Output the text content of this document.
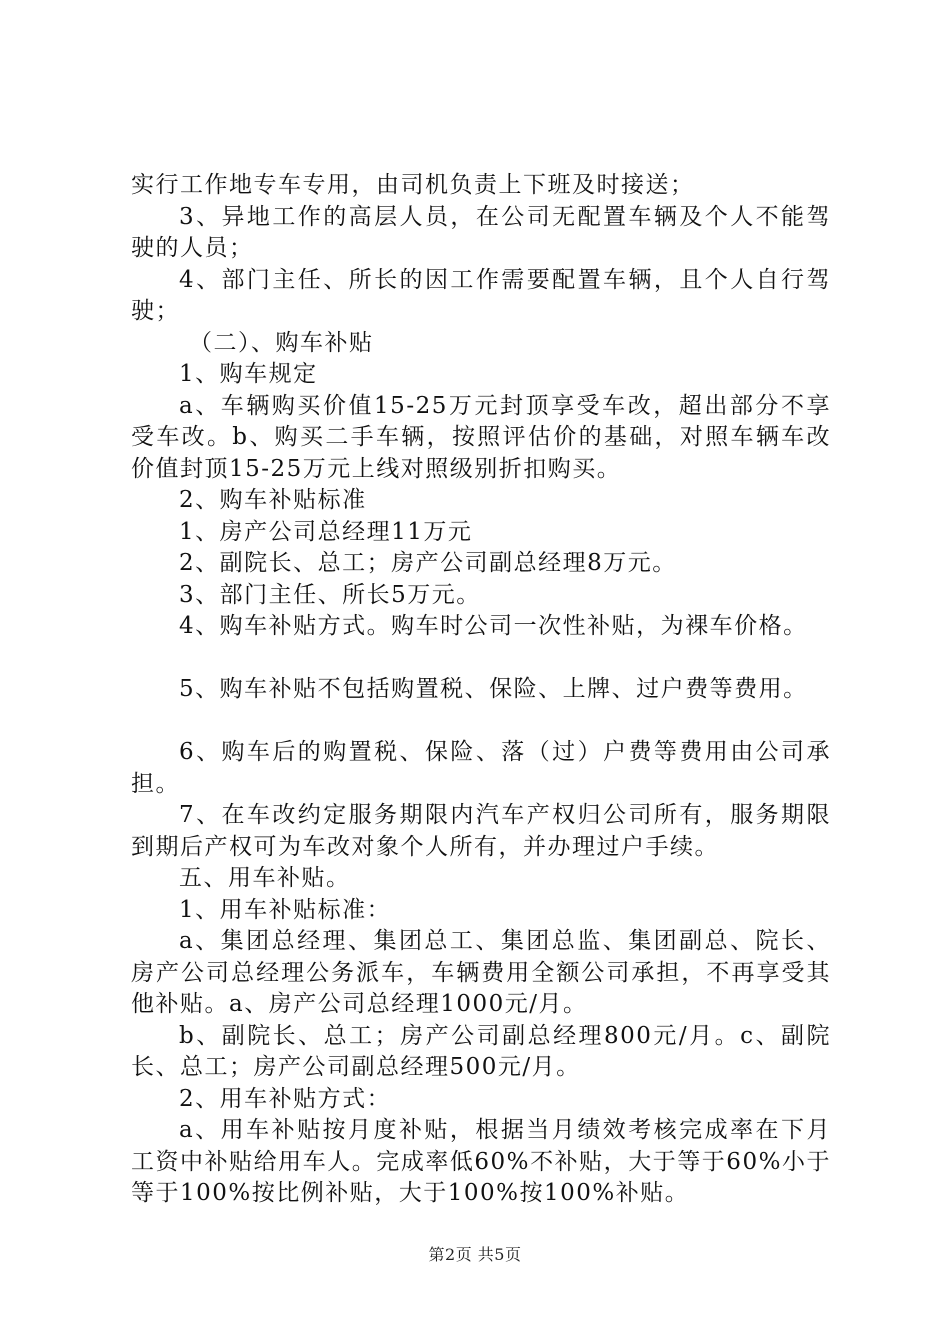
实行工作地专车专用，由司机负责上下班及时接送；

3、异地工作的高层人员，在公司无配置车辆及个人不能驾驶的人员；

4、部门主任、所长的因工作需要配置车辆，且个人自行驾驶；

（二）、购车补贴

1、购车规定

a、车辆购买价值15-25万元封顶享受车改，超出部分不享受车改。b、购买二手车辆，按照评估价的基础，对照车辆车改价值封顶15-25万元上线对照级别折扣购买。

2、购车补贴标准

1、房产公司总经理11万元

2、副院长、总工；房产公司副总经理8万元。

3、部门主任、所长5万元。

4、购车补贴方式。购车时公司一次性补贴，为裸车价格。

5、购车补贴不包括购置税、保险、上牌、过户费等费用。

6、购车后的购置税、保险、落（过）户费等费用由公司承担。

7、在车改约定服务期限内汽车产权归公司所有，服务期限到期后产权可为车改对象个人所有，并办理过户手续。

五、用车补贴。

1、用车补贴标准：

a、集团总经理、集团总工、集团总监、集团副总、院长、房产公司总经理公务派车，车辆费用全额公司承担，不再享受其他补贴。a、房产公司总经理1000元/月。

b、副院长、总工；房产公司副总经理800元/月。c、副院长、总工；房产公司副总经理500元/月。

2、用车补贴方式：

a、用车补贴按月度补贴，根据当月绩效考核完成率在下月工资中补贴给用车人。完成率低60%不补贴，大于等于60%小于等于100%按比例补贴，大于100%按100%补贴。

第2页 共5页
